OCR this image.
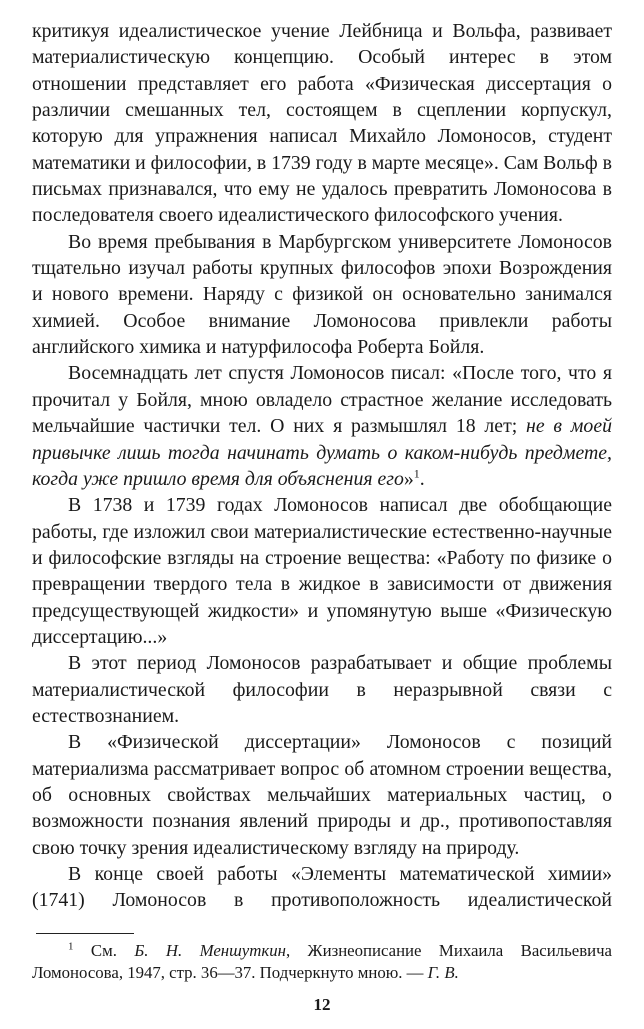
критикуя идеалистическое учение Лейбница и Вольфа, развивает материалистическую концепцию. Особый интерес в этом отношении представляет его работа «Физическая диссертация о различии смешанных тел, состоящем в сцеплении корпускул, которую для упражнения написал Михайло Ломоносов, студент математики и философии, в 1739 году в марте месяце». Сам Вольф в письмах признавался, что ему не удалось превратить Ломоносова в последователя своего идеалистического философского учения.

Во время пребывания в Марбургском университете Ломоносов тщательно изучал работы крупных философов эпохи Возрождения и нового времени. Наряду с физикой он основательно занимался химией. Особое внимание Ломоносова привлекли работы английского химика и натурфилософа Роберта Бойля.

Восемнадцать лет спустя Ломоносов писал: «После того, что я прочитал у Бойля, мною овладело страстное желание исследовать мельчайшие частички тел. О них я размышлял 18 лет; не в моей привычке лишь тогда начинать думать о каком-нибудь предмете, когда уже пришло время для объяснения его»$^1$.

В 1738 и 1739 годах Ломоносов написал две обобщающие работы, где изложил свои материалистические естественно-научные и философские взгляды на строение вещества: «Работу по физике о превращении твердого тела в жидкое в зависимости от движения предсуществующей жидкости» и упомянутую выше «Физическую диссертацию...»

В этот период Ломоносов разрабатывает и общие проблемы материалистической философии в неразрывной связи с естествознанием.

В «Физической диссертации» Ломоносов с позиций материализма рассматривает вопрос об атомном строении вещества, об основных свойствах мельчайших материальных частиц, о возможности познания явлений природы и др., противопоставляя свою точку зрения идеалистическому взгляду на природу.

В конце своей работы «Элементы математической химии» (1741) Ломоносов в противоположность идеалистической

$^1$ См. Б. Н. Меншуткин, Жизнеописание Михаила Васильевича Ломоносова, 1947, стр. 36—37. Подчеркнуто мною. — Г. В.

12
